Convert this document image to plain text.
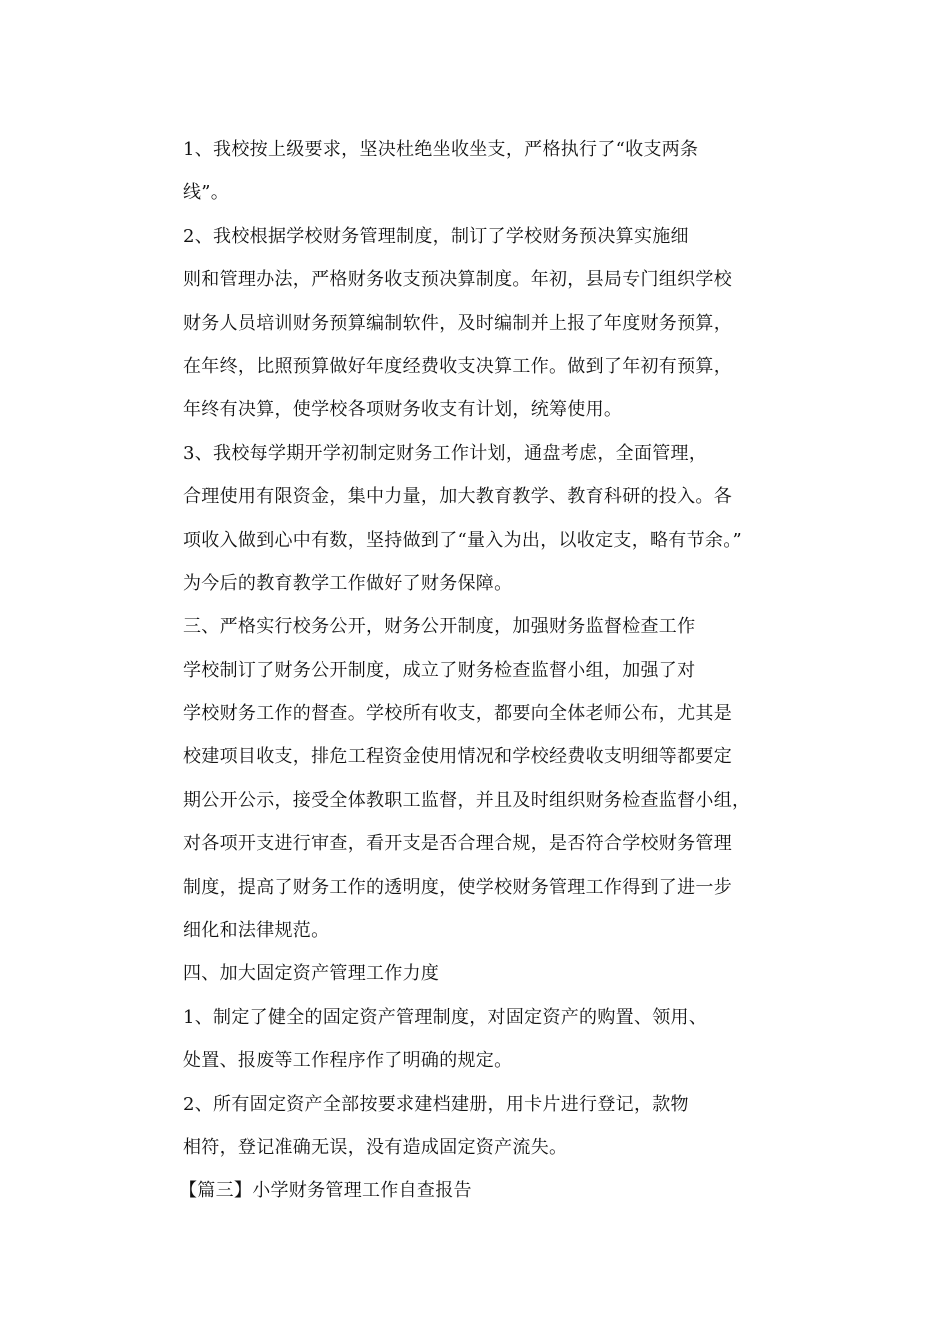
1、我校按上级要求，坚决杜绝坐收坐支，严格执行了“收支两条
线”。
2、我校根据学校财务管理制度，制订了学校财务预决算实施细
则和管理办法，严格财务收支预决算制度。年初，县局专门组织学校
财务人员培训财务预算编制软件，及时编制并上报了年度财务预算，
在年终，比照预算做好年度经费收支决算工作。做到了年初有预算，
年终有决算，使学校各项财务收支有计划，统筹使用。
3、我校每学期开学初制定财务工作计划，通盘考虑，全面管理，
合理使用有限资金，集中力量，加大教育教学、教育科研的投入。各
项收入做到心中有数，坚持做到了“量入为出，以收定支，略有节余。”
为今后的教育教学工作做好了财务保障。
三、严格实行校务公开，财务公开制度，加强财务监督检查工作
学校制订了财务公开制度，成立了财务检查监督小组，加强了对
学校财务工作的督查。学校所有收支，都要向全体老师公布，尤其是
校建项目收支，排危工程资金使用情况和学校经费收支明细等都要定
期公开公示，接受全体教职工监督，并且及时组织财务检查监督小组，
对各项开支进行审查，看开支是否合理合规，是否符合学校财务管理
制度，提高了财务工作的透明度，使学校财务管理工作得到了进一步
细化和法律规范。
四、加大固定资产管理工作力度
1、制定了健全的固定资产管理制度，对固定资产的购置、领用、
处置、报废等工作程序作了明确的规定。
2、所有固定资产全部按要求建档建册，用卡片进行登记，款物
相符，登记准确无误，没有造成固定资产流失。
【篇三】小学财务管理工作自查报告
